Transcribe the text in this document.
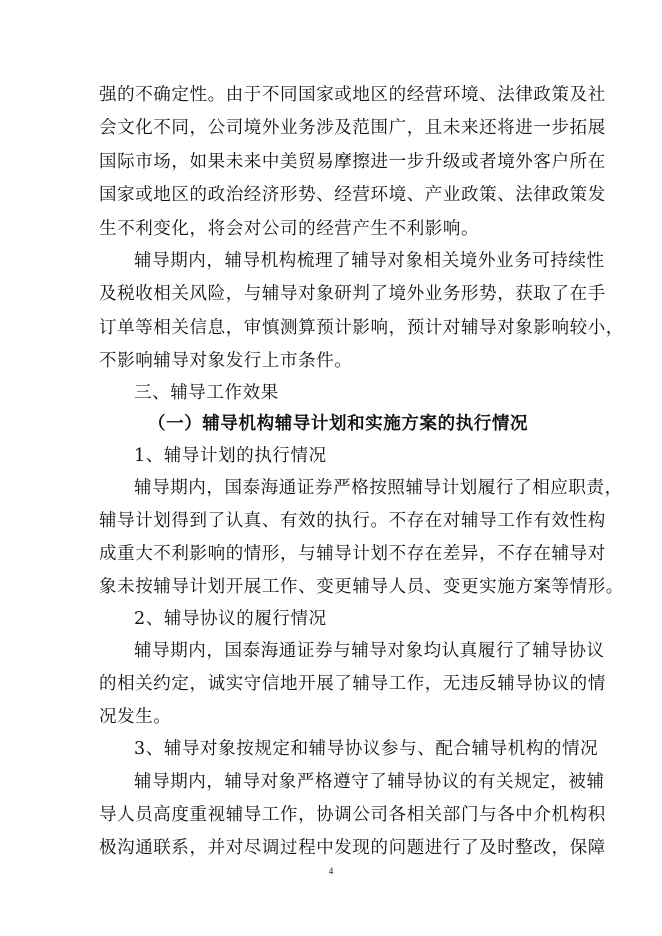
强的不确定性。由于不同国家或地区的经营环境、法律政策及社
会文化不同，公司境外业务涉及范围广，且未来还将进一步拓展
国际市场，如果未来中美贸易摩擦进一步升级或者境外客户所在
国家或地区的政治经济形势、经营环境、产业政策、法律政策发
生不利变化，将会对公司的经营产生不利影响。
辅导期内，辅导机构梳理了辅导对象相关境外业务可持续性
及税收相关风险，与辅导对象研判了境外业务形势，获取了在手
订单等相关信息，审慎测算预计影响，预计对辅导对象影响较小，
不影响辅导对象发行上市条件。
三、辅导工作效果
（一）辅导机构辅导计划和实施方案的执行情况
1、辅导计划的执行情况
辅导期内，国泰海通证券严格按照辅导计划履行了相应职责，
辅导计划得到了认真、有效的执行。不存在对辅导工作有效性构
成重大不利影响的情形，与辅导计划不存在差异，不存在辅导对
象未按辅导计划开展工作、变更辅导人员、变更实施方案等情形。
2、辅导协议的履行情况
辅导期内，国泰海通证券与辅导对象均认真履行了辅导协议
的相关约定，诚实守信地开展了辅导工作，无违反辅导协议的情
况发生。
3、辅导对象按规定和辅导协议参与、配合辅导机构的情况
辅导期内，辅导对象严格遵守了辅导协议的有关规定，被辅
导人员高度重视辅导工作，协调公司各相关部门与各中介机构积
极沟通联系，并对尽调过程中发现的问题进行了及时整改，保障
4
